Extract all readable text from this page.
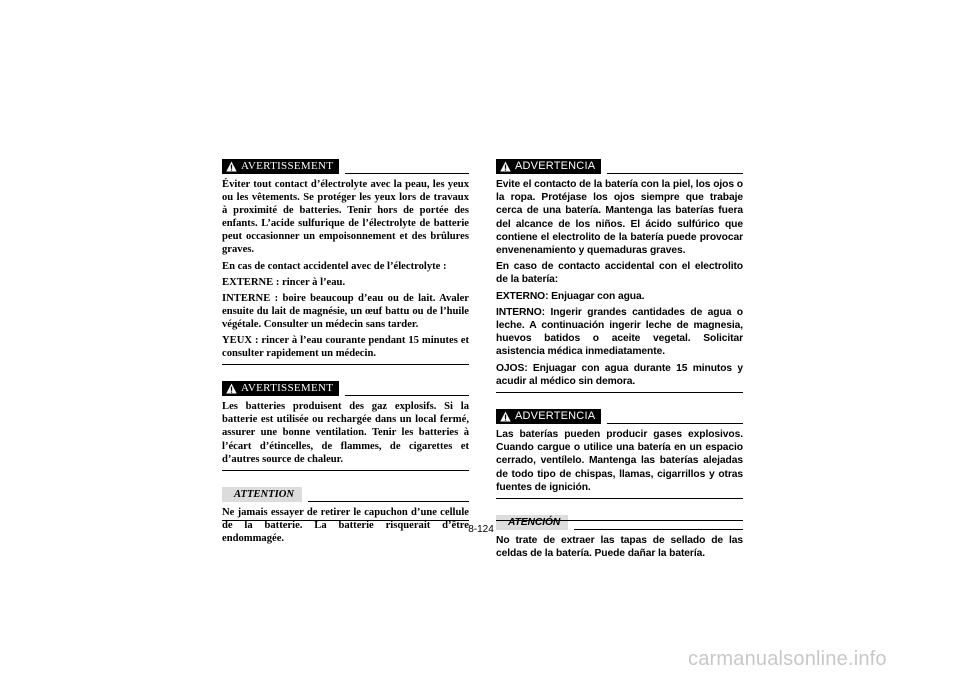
AVERTISSEMENT

Éviter tout contact d’électrolyte avec la peau, les yeux ou les vêtements. Se protéger les yeux lors de travaux à proximité de batteries. Tenir hors de portée des enfants. L’acide sulfurique de l’électrolyte de batterie peut occasionner un empoisonnement et des brûlures graves.

En cas de contact accidentel avec de l’électrolyte :

EXTERNE : rincer à l’eau.

INTERNE : boire beaucoup d’eau ou de lait. Avaler ensuite du lait de magnésie, un œuf battu ou de l’huile végétale. Consulter un médecin sans tarder.

YEUX : rincer à l’eau courante pendant 15 minutes et consulter rapidement un médecin.

AVERTISSEMENT

Les batteries produisent des gaz explosifs. Si la batterie est utilisée ou rechargée dans un local fermé, assurer une bonne ventilation. Tenir les batteries à l’écart d’étincelles, de flammes, de cigarettes et d’autres source de chaleur.

ATTENTION

Ne jamais essayer de retirer le capuchon d’une cellule de la batterie. La batterie risquerait d’être endommagée.

ADVERTENCIA

Evite el contacto de la batería con la piel, los ojos o la ropa. Protéjase los ojos siempre que trabaje cerca de una batería. Mantenga las baterías fuera del alcance de los niños. El ácido sulfúrico que contiene el electrolito de la batería puede provocar envenenamiento y quemaduras graves.

En caso de contacto accidental con el electrolito de la batería:

EXTERNO: Enjuagar con agua.

INTERNO: Ingerir grandes cantidades de agua o leche. A continuación ingerir leche de magnesia, huevos batidos o aceite vegetal. Solicitar asistencia médica inmediatamente.

OJOS: Enjuagar con agua durante 15 minutos y acudir al médico sin demora.

ADVERTENCIA

Las baterías pueden producir gases explosivos. Cuando cargue o utilice una batería en un espacio cerrado, ventílelo. Mantenga las baterías alejadas de todo tipo de chispas, llamas, cigarrillos y otras fuentes de ignición.

ATENCIÓN

No trate de extraer las tapas de sellado de las celdas de la batería. Puede dañar la batería.

8-124
carmanualsonline.info
